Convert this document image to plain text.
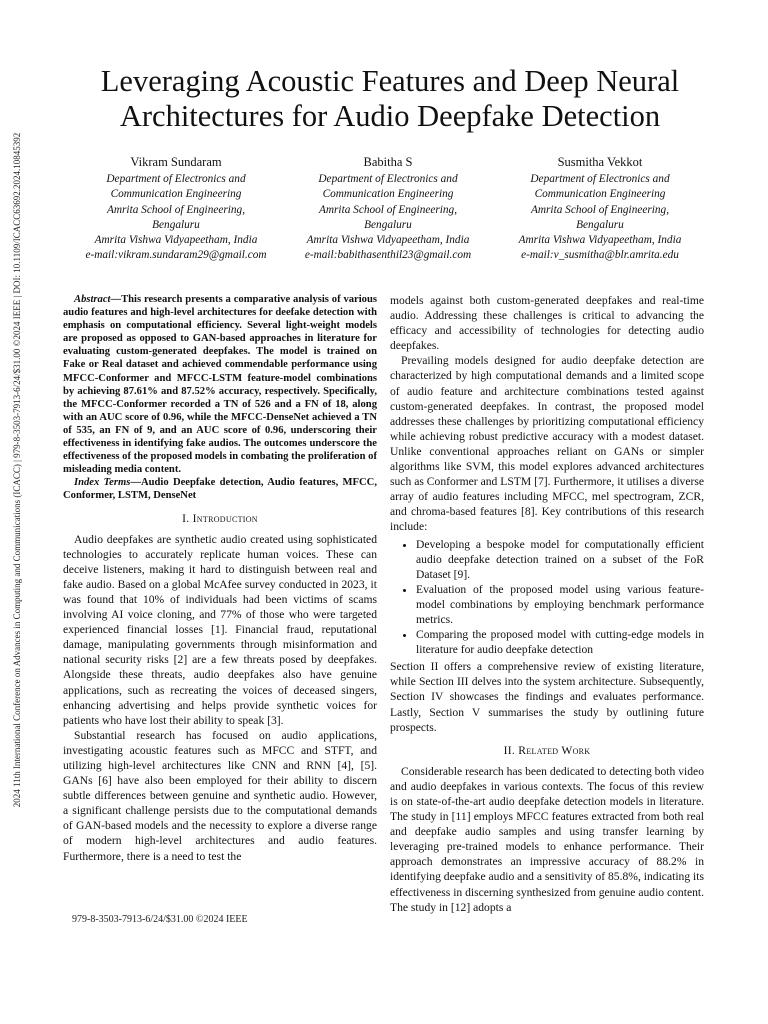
2024 11th International Conference on Advances in Computing and Communications (ICACC) | 979-8-3503-7913-6/24/$31.00 ©2024 IEEE | DOI: 10.1109/ICACC63692.2024.10845392
Leveraging Acoustic Features and Deep Neural Architectures for Audio Deepfake Detection
Vikram Sundaram
Department of Electronics and
Communication Engineering
Amrita School of Engineering,
Bengaluru
Amrita Vishwa Vidyapeetham, India
e-mail:vikram.sundaram29@gmail.com
Babitha S
Department of Electronics and
Communication Engineering
Amrita School of Engineering,
Bengaluru
Amrita Vishwa Vidyapeetham, India
e-mail:babithasenthil23@gmail.com
Susmitha Vekkot
Department of Electronics and
Communication Engineering
Amrita School of Engineering,
Bengaluru
Amrita Vishwa Vidyapeetham, India
e-mail:v_susmitha@blr.amrita.edu

Abstract—This research presents a comparative analysis of various audio features and high-level architectures for deefake detection with emphasis on computational efficiency. Several light-weight models are proposed as opposed to GAN-based approaches in literature for evaluating custom-generated deepfakes. The model is trained on Fake or Real dataset and achieved commendable performance using MFCC-Conformer and MFCC-LSTM feature-model combinations by achieving 87.61% and 87.52% accuracy, respectively. Specifically, the MFCC-Conformer recorded a TN of 526 and a FN of 18, along with an AUC score of 0.96, while the MFCC-DenseNet achieved a TN of 535, an FN of 9, and an AUC score of 0.96, underscoring their effectiveness in identifying fake audios. The outcomes underscore the effectiveness of the proposed models in combating the proliferation of misleading media content.

Index Terms—Audio Deepfake detection, Audio features, MFCC, Conformer, LSTM, DenseNet

I. Introduction

Audio deepfakes are synthetic audio created using sophisticated technologies to accurately replicate human voices. These can deceive listeners, making it hard to distinguish between real and fake audio. Based on a global McAfee survey conducted in 2023, it was found that 10% of individuals had been victims of scams involving AI voice cloning, and 77% of those who were targeted experienced financial losses [1]. Financial fraud, reputational damage, manipulating governments through misinformation and national security risks [2] are a few threats posed by deepfakes. Alongside these threats, audio deepfakes also have genuine applications, such as recreating the voices of deceased singers, enhancing advertising and helps provide synthetic voices for patients who have lost their ability to speak [3].

Substantial research has focused on audio applications, investigating acoustic features such as MFCC and STFT, and utilizing high-level architectures like CNN and RNN [4], [5]. GANs [6] have also been employed for their ability to discern subtle differences between genuine and synthetic audio. However, a significant challenge persists due to the computational demands of GAN-based models and the necessity to explore a diverse range of modern high-level architectures and audio features. Furthermore, there is a need to test the

models against both custom-generated deepfakes and real-time audio. Addressing these challenges is critical to advancing the efficacy and accessibility of technologies for detecting audio deepfakes.

Prevailing models designed for audio deepfake detection are characterized by high computational demands and a limited scope of audio feature and architecture combinations tested against custom-generated deepfakes. In contrast, the proposed model addresses these challenges by prioritizing computational efficiency while achieving robust predictive accuracy with a modest dataset. Unlike conventional approaches reliant on GANs or simpler algorithms like SVM, this model explores advanced architectures such as Conformer and LSTM [7]. Furthermore, it utilises a diverse array of audio features including MFCC, mel spectrogram, ZCR, and chroma-based features [8]. Key contributions of this research include:

• Developing a bespoke model for computationally efficient audio deepfake detection trained on a subset of the FoR Dataset [9].
• Evaluation of the proposed model using various feature-model combinations by employing benchmark performance metrics.
• Comparing the proposed model with cutting-edge models in literature for audio deepfake detection

Section II offers a comprehensive review of existing literature, while Section III delves into the system architecture. Subsequently, Section IV showcases the findings and evaluates performance. Lastly, Section V summarises the study by outlining future prospects.

II. Related Work

Considerable research has been dedicated to detecting both video and audio deepfakes in various contexts. The focus of this review is on state-of-the-art audio deepfake detection models in literature. The study in [11] employs MFCC features extracted from both real and deepfake audio samples and using transfer learning by leveraging pre-trained models to enhance performance. Their approach demonstrates an impressive accuracy of 88.2% in identifying deepfake audio and a sensitivity of 85.8%, indicating its effectiveness in discerning synthesized from genuine audio content. The study in [12] adopts a

979-8-3503-7913-6/24/$31.00 ©2024 IEEE
